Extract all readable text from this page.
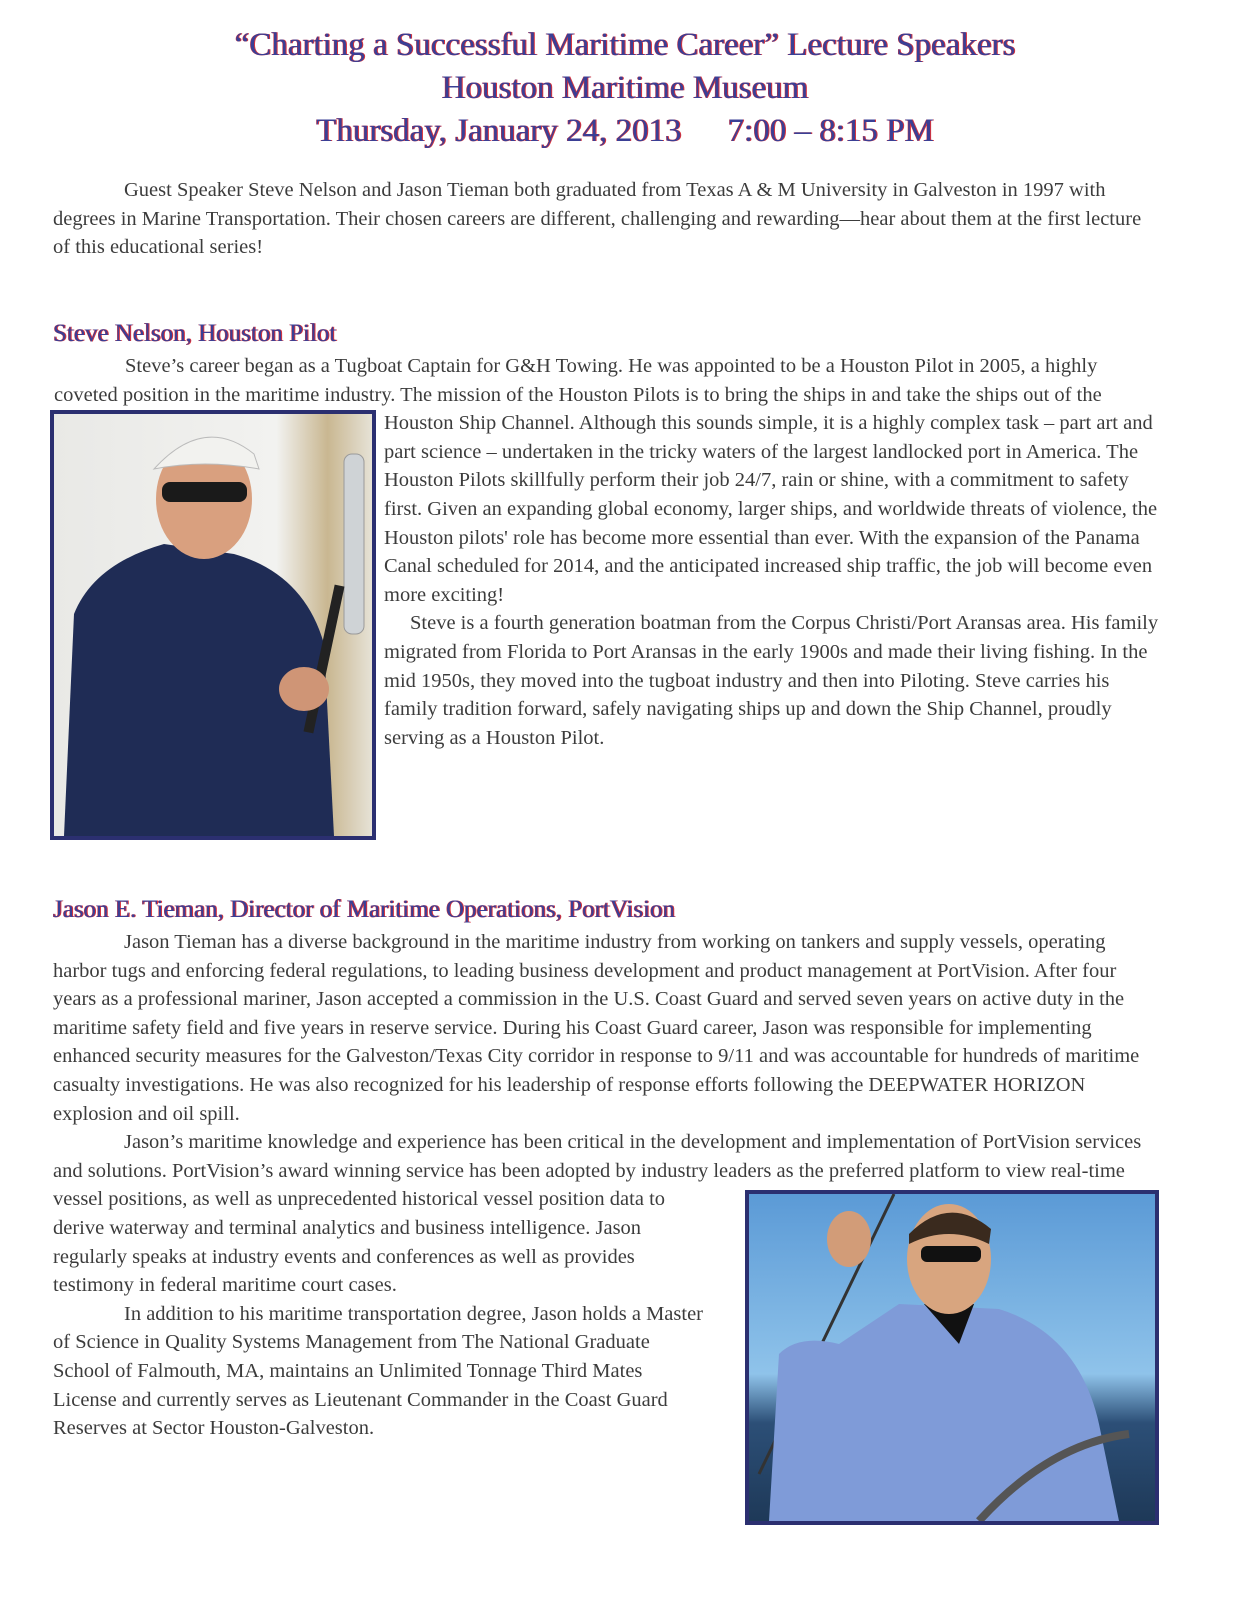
“Charting a Successful Maritime Career” Lecture Speakers
Houston Maritime Museum
Thursday, January 24, 2013 7:00 – 8:15 PM

Guest Speaker Steve Nelson and Jason Tieman both graduated from Texas A & M University in Galveston in 1997 with degrees in Marine Transportation. Their chosen careers are different, challenging and rewarding—hear about them at the first lecture of this educational series!

Steve Nelson, Houston Pilot

Steve’s career began as a Tugboat Captain for G&H Towing. He was appointed to be a Houston Pilot in 2005, a highly coveted position in the maritime industry. The mission of the Houston Pilots is to bring the ships in and take the ships out of the Houston Ship Channel. Although this sounds simple, it is a highly complex task – part art and part science – undertaken in the tricky waters of the largest landlocked port in America. The Houston Pilots skillfully perform their job 24/7, rain or shine, with a commitment to safety first. Given an expanding global economy, larger ships, and worldwide threats of violence, the Houston pilots' role has become more essential than ever. With the expansion of the Panama Canal scheduled for 2014, and the anticipated increased ship traffic, the job will become even more exciting!

Steve is a fourth generation boatman from the Corpus Christi/Port Aransas area. His family migrated from Florida to Port Aransas in the early 1900s and made their living fishing. In the mid 1950s, they moved into the tugboat industry and then into Piloting. Steve carries his family tradition forward, safely navigating ships up and down the Ship Channel, proudly serving as a Houston Pilot.

Jason E. Tieman, Director of Maritime Operations, PortVision

Jason Tieman has a diverse background in the maritime industry from working on tankers and supply vessels, operating harbor tugs and enforcing federal regulations, to leading business development and product management at PortVision. After four years as a professional mariner, Jason accepted a commission in the U.S. Coast Guard and served seven years on active duty in the maritime safety field and five years in reserve service. During his Coast Guard career, Jason was responsible for implementing enhanced security measures for the Galveston/Texas City corridor in response to 9/11 and was accountable for hundreds of maritime casualty investigations. He was also recognized for his leadership of response efforts following the DEEPWATER HORIZON explosion and oil spill.

Jason’s maritime knowledge and experience has been critical in the development and implementation of PortVision services and solutions. PortVision’s award winning service has been adopted by industry leaders as the preferred platform to view real-time vessel positions, as well as unprecedented historical vessel position data to derive waterway and terminal analytics and business intelligence. Jason regularly speaks at industry events and conferences as well as provides testimony in federal maritime court cases.

In addition to his maritime transportation degree, Jason holds a Master of Science in Quality Systems Management from The National Graduate School of Falmouth, MA, maintains an Unlimited Tonnage Third Mates License and currently serves as Lieutenant Commander in the Coast Guard Reserves at Sector Houston-Galveston.
